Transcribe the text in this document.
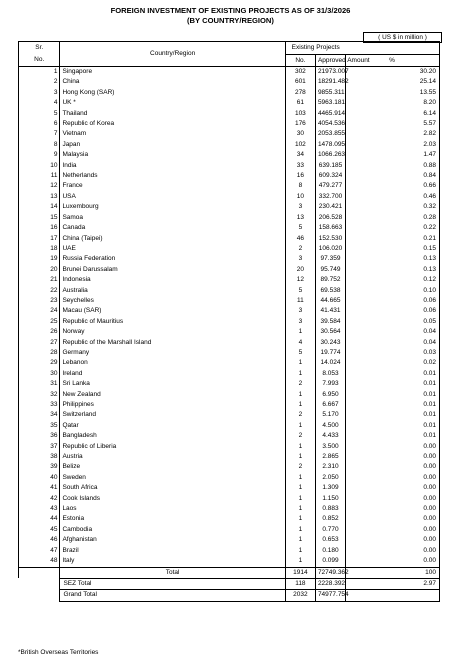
FOREIGN INVESTMENT OF EXISTING PROJECTS AS OF 31/3/2026
(BY COUNTRY/REGION)
( US $ in million )
Sr.	Country/Region	Existing Projects		
No.		No.	Approved Amount	%
1	Singapore	302	21973.007	30.20
2	China	601	18291.482	25.14
3	Hong Kong (SAR)	278	9855.311	13.55
4	UK *	61	5963.181	8.20
5	Thailand	103	4465.914	6.14
6	Republic of Korea	176	4054.536	5.57
7	Vietnam	30	2053.855	2.82
8	Japan	102	1478.095	2.03
9	Malaysia	34	1066.263	1.47
10	India	33	639.185	0.88
11	Netherlands	16	609.324	0.84
12	France	8	479.277	0.66
13	USA	10	332.700	0.46
14	Luxembourg	3	230.421	0.32
15	Samoa	13	206.528	0.28
16	Canada	5	158.663	0.22
17	China (Taipei)	46	152.530	0.21
18	UAE	2	106.020	0.15
19	Russia Federation	3	97.359	0.13
20	Brunei Darussalam	20	95.749	0.13
21	Indonesia	12	89.752	0.12
22	Australia	5	69.538	0.10
23	Seychelles	11	44.665	0.06
24	Macau (SAR)	3	41.431	0.06
25	Republic of Mauritius	3	39.584	0.05
26	Norway	1	30.564	0.04
27	Republic of the Marshall Island	4	30.243	0.04
28	Germany	5	19.774	0.03
29	Lebanon	1	14.024	0.02
30	Ireland	1	8.053	0.01
31	Sri Lanka	2	7.993	0.01
32	New Zealand	1	6.950	0.01
33	Philippines	1	6.667	0.01
34	Switzerland	2	5.170	0.01
35	Qatar	1	4.500	0.01
36	Bangladesh	2	4.433	0.01
37	Republic of Liberia	1	3.500	0.00
38	Austria	1	2.865	0.00
39	Belize	2	2.310	0.00
40	Sweden	1	2.050	0.00
41	South Africa	1	1.309	0.00
42	Cook Islands	1	1.150	0.00
43	Laos	1	0.883	0.00
44	Estonia	1	0.852	0.00
45	Cambodia	1	0.770	0.00
46	Afghanistan	1	0.653	0.00
47	Brazil	1	0.180	0.00
48	Italy	1	0.099	0.00
	Total	1914	72749.362	100
	SEZ Total	118	2228.392	2.97
	Grand Total	2032	74977.754	
*British Overseas Territories
